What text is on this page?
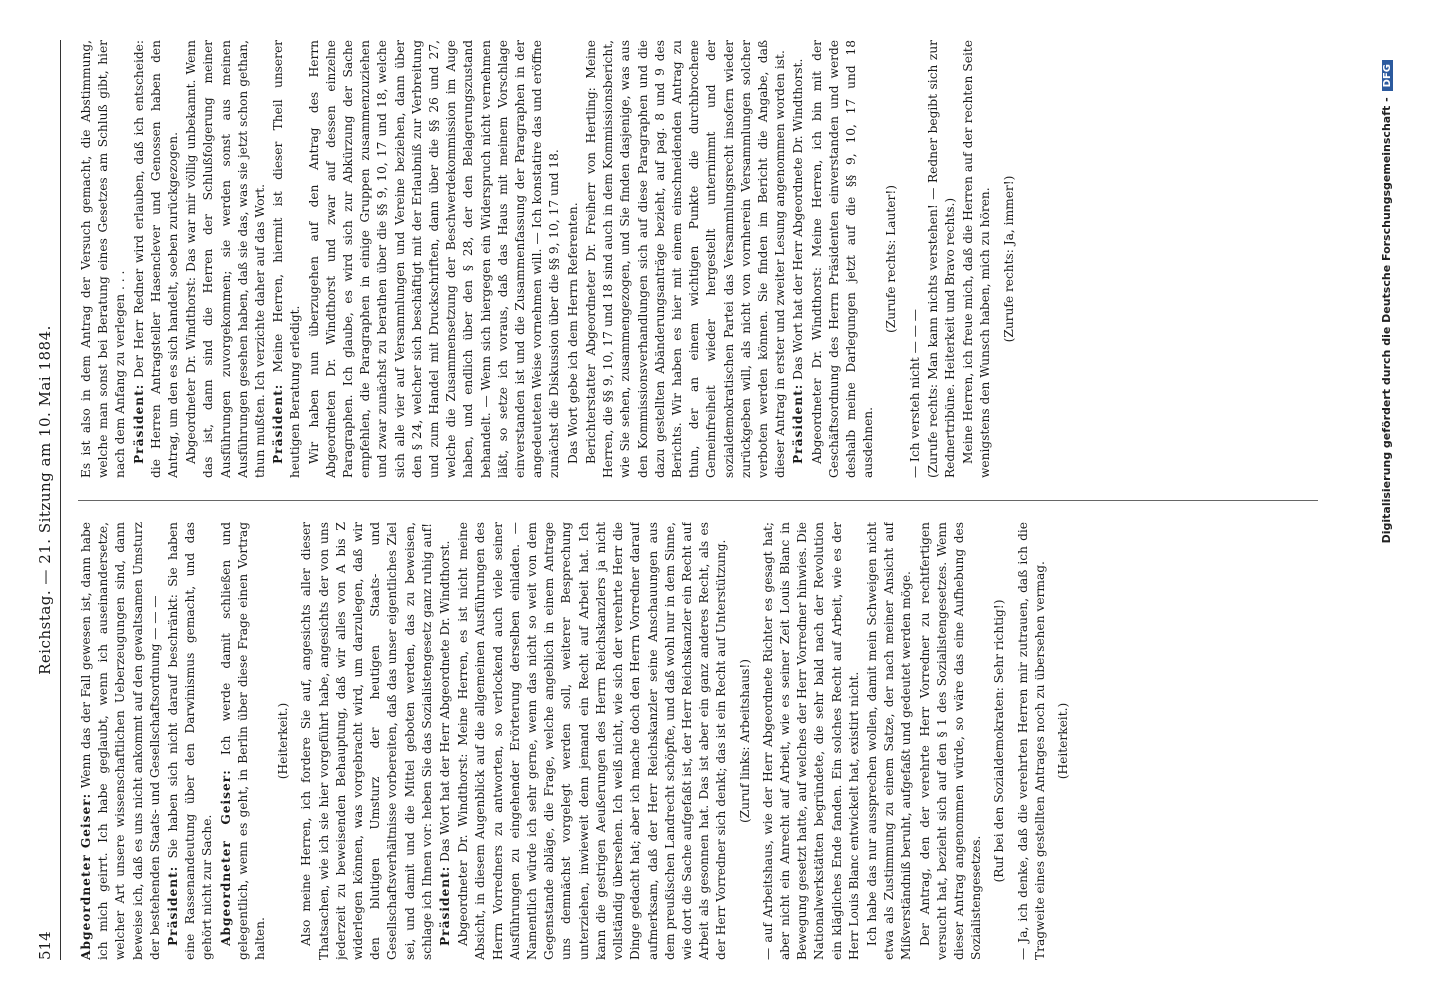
514
Reichstag. — 21. Sitzung am 10. Mai 1884.

Abgeordneter Geiser: Wenn das der Fall gewesen ist, dann habe ich mich geirrt. Ich habe geglaubt, wenn ich auseinandersetze, welcher Art unsere wissenschaftlichen Ueberzeugungen sind, dann beweise ich, daß es uns nicht ankommt auf den gewaltsamen Umsturz der bestehenden Staats- und Gesellschaftsordnung — — — Präsident: Sie haben sich nicht darauf beschränkt: Sie haben eine Rassenandeutung über den Darwinismus gemacht, und das gehört nicht zur Sache. Abgeordneter Geiser: Ich werde damit schließen und gelegentlich, wenn es geht, in Berlin über diese Frage einen Vortrag halten.

(Heiterkeit.) Also meine Herren, ich fordere Sie auf, angesichts aller dieser Thatsachen, wie ich sie hier vorgeführt habe, angesichts der von uns jederzeit zu beweisenden Behauptung, daß wir alles von A bis Z widerlegen können, was vorgebracht wird, um darzulegen, daß wir den blutigen Umsturz der heutigen Staats- und Gesellschaftsverhältnisse vorbereiten, daß das unser eigentliches Ziel sei, und damit und die Mittel geboten werden, das zu beweisen, schlage ich Ihnen vor: heben Sie das Sozialistengesetz ganz ruhig auf! Präsident: Das Wort hat der Herr Abgeordnete Dr. Windthorst. Abgeordneter Dr. Windthorst: Meine Herren, es ist nicht meine Absicht, in diesem Augenblick auf die allgemeinen Ausführungen des Herrn Vorredners zu antworten, so verlockend auch viele seiner Ausführungen zu eingehender Erörterung derselben einladen. — Namentlich würde ich sehr gerne, wenn das nicht so weit von dem Gegenstande abläge, die Frage, welche angeblich in einem Antrage uns demnächst vorgelegt werden soll, weiterer Besprechung unterziehen, inwieweit denn jemand ein Recht auf Arbeit hat. Ich kann die gestrigen Aeußerungen des Herrn Reichskanzlers ja nicht vollständig übersehen. Ich weiß nicht, wie sich der verehrte Herr die Dinge gedacht hat; aber ich mache doch den Herrn Vorredner darauf aufmerksam, daß der Herr Reichskanzler seine Anschauungen aus dem preußischen Landrecht schöpfte, und daß wohl nur in dem Sinne, wie dort die Sache aufgefaßt ist, der Herr Reichskanzler ein Recht auf Arbeit als gesonnen hat. Das ist aber ein ganz anderes Recht, als es der Herr Vorredner sich denkt; das ist ein Recht auf Unterstützung. (Zuruf links: Arbeitshaus!) — auf Arbeitshaus, wie der Herr Abgeordnete Richter es gesagt hat; aber nicht ein Anrecht auf Arbeit, wie es seiner Zeit Louis Blanc in Bewegung gesetzt hatte, auf welches der Herr Vorredner hinwies. Die Nationalwerkstätten begründete, die sehr bald nach der Revolution ein klägliches Ende fanden. Ein solches Recht auf Arbeit, wie es der Herr Louis Blanc entwickelt hat, existirt nicht. Ich habe das nur aussprechen wollen, damit mein Schweigen nicht etwa als Zustimmung zu einem Satze, der nach meiner Ansicht auf Mißverständniß beruht, aufgefaßt und gedeutet werden möge. Der Antrag, den der verehrte Herr Vorredner zu rechtfertigen versucht hat, bezieht sich auf den § 1 des Sozialistengesetzes. Wenn dieser Antrag angenommen würde, so wäre das eine Aufhebung des Sozialistengesetzes.

(Ruf bei den Sozialdemokraten: Sehr richtig!) — Ja, ich denke, daß die verehrten Herren mir zutrauen, daß ich die Tragweite eines gestellten Antrages noch zu übersehen vermag. (Heiterkeit.)

Es ist also in dem Antrag der Versuch gemacht, die Abstimmung, welche man sonst bei Beratung eines Gesetzes am Schluß gibt, hier nach dem Anfang zu verlegen . . . Präsident: Der Herr Redner wird erlauben, daß ich entscheide: die Herren Antragsteller Hasenclever und Genossen haben den Antrag, um den es sich handelt, soeben zurückgezogen. Abgeordneter Dr. Windthorst: Das war mir völlig unbekannt. Wenn das ist, dann sind die Herren der Schlußfolgerung meiner Ausführungen zuvorgekommen; sie werden sonst aus meinen Ausführungen gesehen haben, daß sie das, was sie jetzt schon gethan, thun mußten. Ich verzichte daher auf das Wort. Präsident: Meine Herren, hiermit ist dieser Theil unserer heutigen Beratung erledigt. Wir haben nun überzugehen auf den Antrag des Herrn Abgeordneten Dr. Windthorst und zwar auf dessen einzelne Paragraphen. Ich glaube, es wird sich zur Abkürzung der Sache empfehlen, die Paragraphen in einige Gruppen zusammenzuziehen und zwar zunächst zu berathen über die §§ 9, 10, 17 und 18, welche sich alle vier auf Versammlungen und Vereine beziehen, dann über den § 24, welcher sich beschäftigt mit der Erlaubniß zur Verbreitung und zum Handel mit Druckschriften, dann über die §§ 26 und 27, welche die Zusammensetzung der Beschwerdekommission im Auge haben, und endlich über den § 28, der den Belagerungszustand behandelt. — Wenn sich hiergegen ein Widerspruch nicht vernehmen läßt, so setze ich voraus, daß das Haus mit meinem Vorschlage einverstanden ist und die Zusammenfassung der Paragraphen in der angedeuteten Weise vornehmen will. — Ich konstatire das und eröffne zunächst die Diskussion über die §§ 9, 10, 17 und 18. Das Wort gebe ich dem Herrn Referenten. Berichterstatter Abgeordneter Dr. Freiherr von Hertling: Meine Herren, die §§ 9, 10, 17 und 18 sind auch in dem Kommissionsbericht, wie Sie sehen, zusammengezogen, und Sie finden dasjenige, was aus den Kommissionsverhandlungen sich auf diese Paragraphen und die dazu gestellten Abänderungsanträge bezieht, auf pag. 8 und 9 des Berichts. Wir haben es hier mit einem einschneidenden Antrag zu thun, der an einem wichtigen Punkte die durchbrochene Gemeinfreiheit wieder hergestellt unternimmt und der sozialdemokratischen Partei das Versammlungsrecht insofern wieder zurückgeben will, als nicht von vornherein Versammlungen solcher verboten werden können. Sie finden im Bericht die Angabe, daß dieser Antrag in erster und zweiter Lesung angenommen worden ist. Präsident: Das Wort hat der Herr Abgeordnete Dr. Windthorst. Abgeordneter Dr. Windthorst: Meine Herren, ich bin mit der Geschäftsordnung des Herrn Präsidenten einverstanden und werde deshalb meine Darlegungen jetzt auf die §§ 9, 10, 17 und 18 ausdehnen.

(Zurufe rechts: Lauter!)

— Ich versteh nicht — — — (Zurufe rechts: Man kann nichts verstehen! — Redner begibt sich zur Rednertribüne. Heiterkeit und Bravo rechts.) Meine Herren, ich freue mich, daß die Herren auf der rechten Seite wenigstens den Wunsch haben, mich zu hören. (Zurufe rechts: Ja, immer!)	Digitalisierung gefördert durch die Deutsche Forschungsgemeinschaft -DFG
